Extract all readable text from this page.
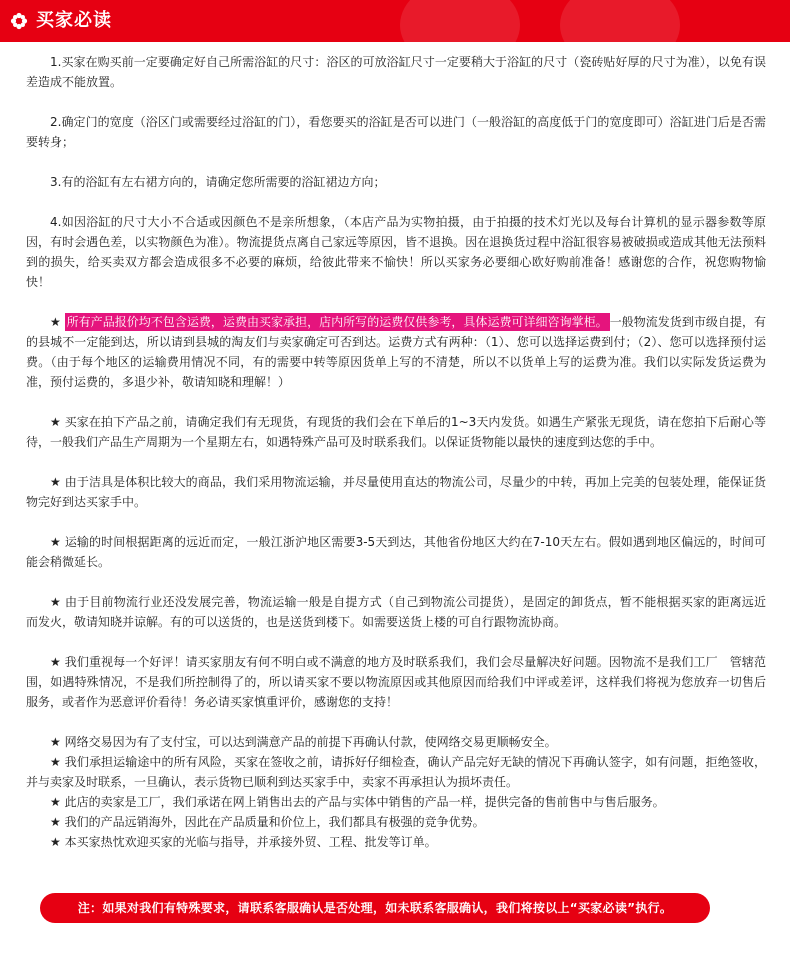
买家必读

1.买家在购买前一定要确定好自己所需浴缸的尺寸：浴区的可放浴缸尺寸一定要稍大于浴缸的尺寸（瓷砖贴好厚的尺寸为准），以免有误差造成不能放置。

2.确定门的宽度（浴区门或需要经过浴缸的门），看您要买的浴缸是否可以进门（一般浴缸的高度低于门的宽度即可）浴缸进门后是否需要转身；

3.有的浴缸有左右裙方向的，请确定您所需要的浴缸裙边方向；

4.如因浴缸的尺寸大小不合适或因颜色不是亲所想象，（本店产品为实物拍摄，由于拍摄的技术灯光以及每台计算机的显示器参数等原因，有时会遇色差，以实物颜色为准）。物流提货点离自己家远等原因，皆不退换。因在退换货过程中浴缸很容易被破损或造成其他无法预料到的损失，给买卖双方都会造成很多不必要的麻烦，给彼此带来不愉快！所以买家务必要细心欧好购前准备！感谢您的合作，祝您购物愉快！

★ 所有产品报价均不包含运费，运费由买家承担，店内所写的运费仅供参考，具体运费可详细咨询掌柜。 一般物流发货到市级自提，有的县城不一定能到达，所以请到县城的淘友们与卖家确定可否到达。运费方式有两种：（1）、您可以选择运费到付；（2）、您可以选择预付运费。（由于每个地区的运输费用情况不同，有的需要中转等原因货单上写的不清楚，所以不以货单上写的运费为准。我们以实际发货运费为准，预付运费的，多退少补，敬请知晓和理解！）

★ 买家在拍下产品之前，请确定我们有无现货，有现货的我们会在下单后的1~3天内发货。如遇生产紧张无现货，请在您拍下后耐心等待，一般我们产品生产周期为一个星期左右，如遇特殊产品可及时联系我们。以保证货物能以最快的速度到达您的手中。

★ 由于洁具是体积比较大的商品，我们采用物流运输，并尽量使用直达的物流公司，尽量少的中转，再加上完美的包装处理，能保证货物完好到达买家手中。

★ 运输的时间根据距离的远近而定，一般江浙沪地区需要3-5天到达，其他省份地区大约在7-10天左右。假如遇到地区偏远的，时间可能会稍微延长。

★ 由于目前物流行业还没发展完善，物流运输一般是自提方式（自己到物流公司提货），是固定的卸货点，暂不能根据买家的距离远近而发火，敬请知晓并谅解。有的可以送货的，也是送货到楼下。如需要送货上楼的可自行跟物流协商。

★ 我们重视每一个好评！请买家朋友有何不明白或不满意的地方及时联系我们，我们会尽量解决好问题。因物流不是我们工厂　管辖范围，如遇特殊情况，不是我们所控制得了的，所以请买家不要以物流原因或其他原因而给我们中评或差评，这样我们将视为您放弃一切售后服务，或者作为恶意评价看待！务必请买家慎重评价，感谢您的支持！

★ 网络交易因为有了支付宝，可以达到满意产品的前提下再确认付款，使网络交易更顺畅安全。

★ 我们承担运输途中的所有风险，买家在签收之前，请拆好仔细检查，确认产品完好无缺的情况下再确认签字，如有问题，拒绝签收，并与卖家及时联系，一旦确认，表示货物已顺利到达买家手中，卖家不再承担认为损坏责任。

★ 此店的卖家是工厂，我们承诺在网上销售出去的产品与实体中销售的产品一样，提供完备的售前售中与售后服务。

★ 我们的产品远销海外，因此在产品质量和价位上，我们都具有极强的竞争优势。

★ 本买家热忱欢迎买家的光临与指导，并承接外贸、工程、批发等订单。

注：如果对我们有特殊要求，请联系客服确认是否处理，如未联系客服确认，我们将按以上“买家必读”执行。
